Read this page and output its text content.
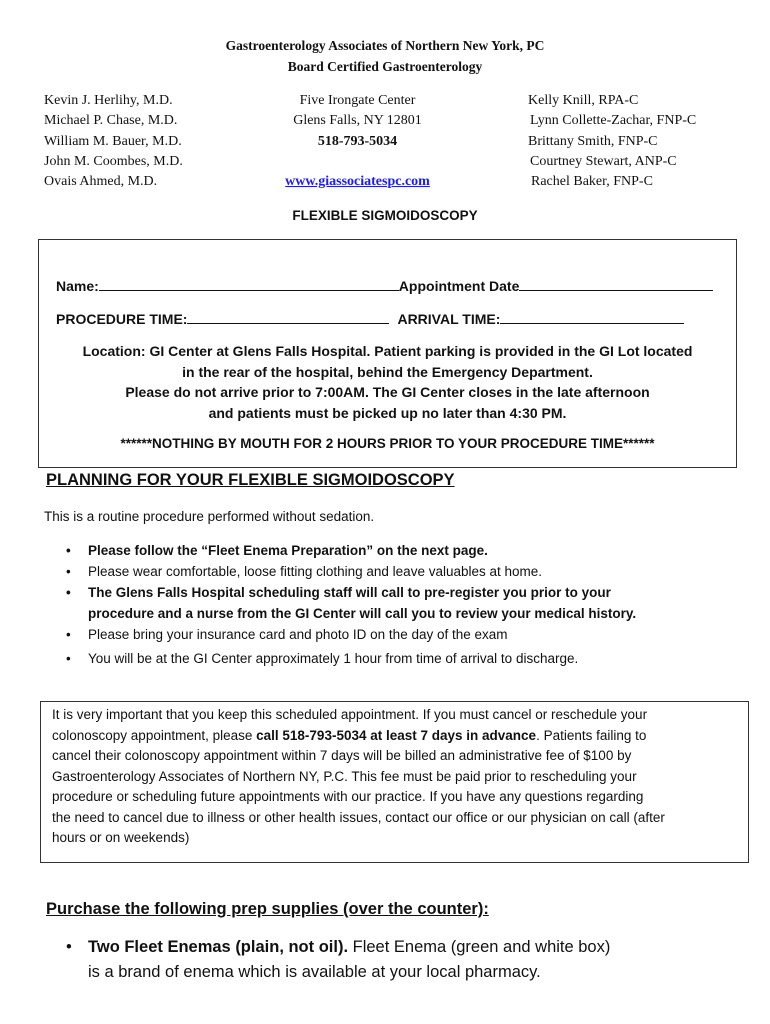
Gastroenterology Associates of Northern New York, PC
Board Certified Gastroenterology
Kevin J. Herlihy, M.D.
Michael P. Chase, M.D.
William M. Bauer, M.D.
John M. Coombes, M.D.
Ovais Ahmed, M.D.
Five Irongate Center
Glens Falls, NY 12801
518-793-5034

www.giassociatespc.com
Kelly Knill, RPA-C
Lynn Collette-Zachar, FNP-C
Brittany Smith, FNP-C
Courtney Stewart, ANP-C
Rachel Baker, FNP-C
FLEXIBLE SIGMOIDOSCOPY
Name:	Appointment Date
PROCEDURE TIME:	ARRIVAL TIME:
Location: GI Center at Glens Falls Hospital. Patient parking is provided in the GI Lot located
in the rear of the hospital, behind the Emergency Department.
Please do not arrive prior to 7:00AM. The GI Center closes in the late afternoon
and patients must be picked up no later than 4:30 PM.
******NOTHING BY MOUTH FOR 2 HOURS PRIOR TO YOUR PROCEDURE TIME******
PLANNING FOR YOUR FLEXIBLE SIGMOIDOSCOPY
This is a routine procedure performed without sedation.
• Please follow the “Fleet Enema Preparation” on the next page.
• Please wear comfortable, loose fitting clothing and leave valuables at home.
• The Glens Falls Hospital scheduling staff will call to pre-register you prior to your
procedure and a nurse from the GI Center will call you to review your medical history.
• Please bring your insurance card and photo ID on the day of the exam
• You will be at the GI Center approximately 1 hour from time of arrival to discharge.
It is very important that you keep this scheduled appointment. If you must cancel or reschedule your
colonoscopy appointment, please call 518-793-5034 at least 7 days in advance. Patients failing to
cancel their colonoscopy appointment within 7 days will be billed an administrative fee of $100 by
Gastroenterology Associates of Northern NY, P.C. This fee must be paid prior to rescheduling your
procedure or scheduling future appointments with our practice. If you have any questions regarding
the need to cancel due to illness or other health issues, contact our office or our physician on call (after
hours or on weekends)
Purchase the following prep supplies (over the counter):
• Two Fleet Enemas (plain, not oil). Fleet Enema (green and white box)
is a brand of enema which is available at your local pharmacy.
